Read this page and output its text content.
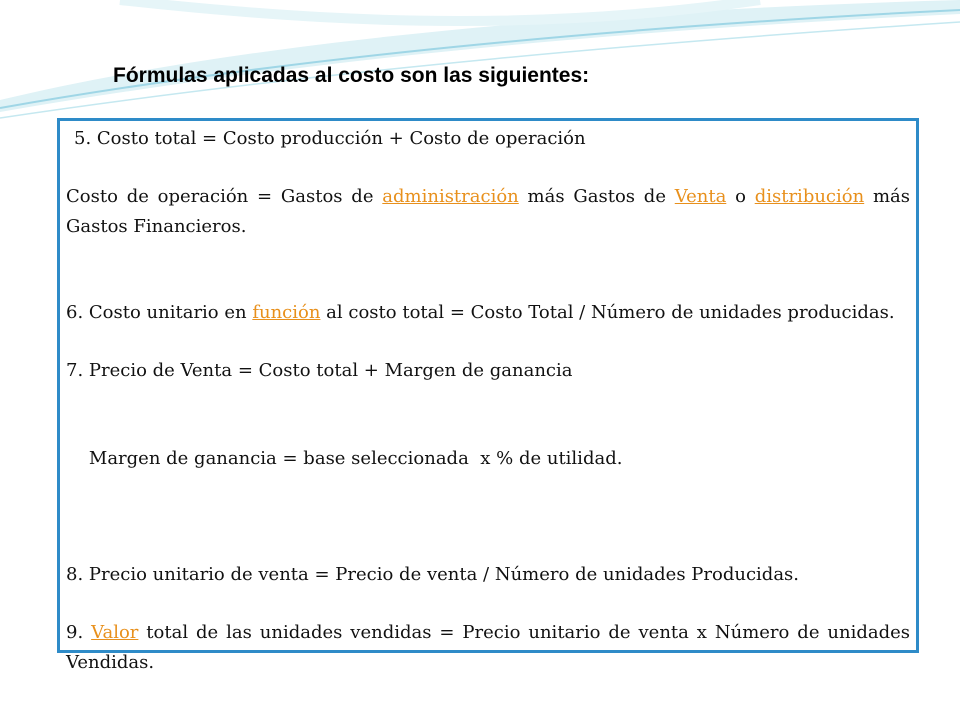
Fórmulas aplicadas al costo son las siguientes:

5. Costo total = Costo producción + Costo de operación

Costo de operación = Gastos de administración más Gastos de Venta o distribución más Gastos Financieros.

6. Costo unitario en función al costo total = Costo Total / Número de unidades producidas.

7. Precio de Venta = Costo total + Margen de ganancia

Margen de ganancia = base seleccionada  x % de utilidad.

8. Precio unitario de venta = Precio de venta / Número de unidades Producidas.

9. Valor total de las unidades vendidas = Precio unitario de venta x Número de unidades Vendidas.
